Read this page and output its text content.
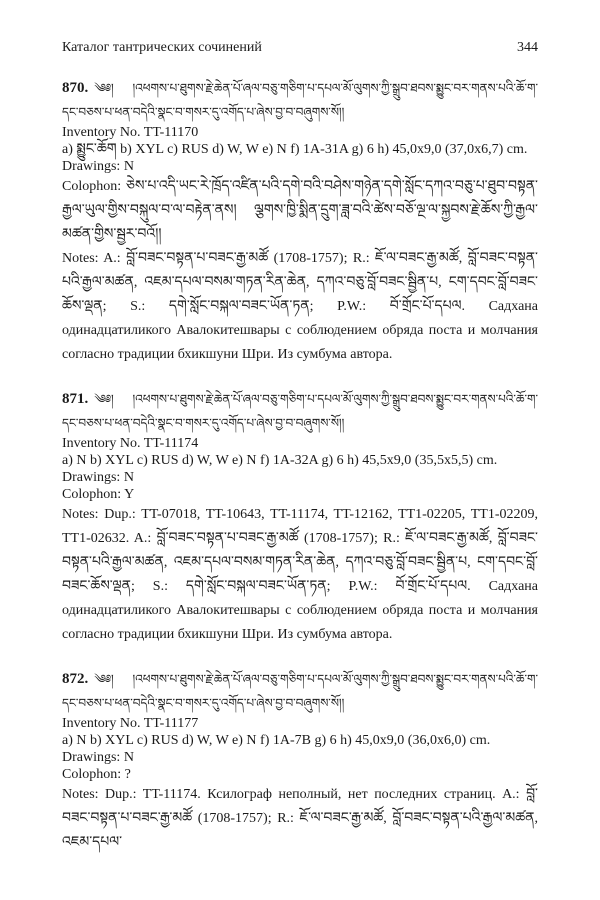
Каталог тантрических сочинений	344
870. ༄༅། །འཕགས་པ་ཐུགས་རྗེ་ཆེན་པོ་ཞལ་བཅུ་གཅིག་པ་དཔལ་མོ་ལུགས་ཀྱི་སྒྲུབ་ཐབས་སྨྱུང་བར་གནས་པའི་ཆོ་ག་དང་བཅས་པ་ཕན་བདེའི་སྣང་བ་གསར་དུ་འགོད་པ་ཞེས་བྱ་བ་བཞུགས་སོ།།

Inventory No. TT-11170

a) སྨྱུང་ཆོག b) XYL c) RUS d) W, W e) N f) 1A-31A g) 6 h) 45,0x9,0 (37,0x6,7) cm.

Drawings: N

Colophon: ཅེས་པ་འདི་ཡང་རེ་ཁྲོད་འཛིན་པའི་དགེ་བའི་བཤེས་གཉེན་དགེ་སློང་དཀའ་བཅུ་པ་ཐུབ་བསྟན་རྒྱལ་ཡུལ་གྱིས་བསྐུལ་བ་ལ་བརྟེན་ནས། ལྕགས་ཁྱི་སྨིན་དྲུག་ཟླ་བའི་ཚེས་བཅོ་ལྔ་ལ་སྐྱབས་རྗེ་ཆོས་ཀྱི་རྒྱལ་མཚན་གྱིས་སྦྱར་བའོ།།

Notes: A.: བློ་བཟང་བསྟན་པ་བཟང་རྒྱ་མཚོ (1708-1757); R.: ཇོ་ལ་བཟང་རྒྱ་མཚོ, བློ་བཟང་བསྟན་པའི་རྒྱལ་མཚན, འཇམ་དཔལ་བསམ་གཏན་རིན་ཆེན, དཀའ་བཅུ་བློ་བཟང་སྦྱིན་པ, ངག་དབང་བློ་བཟང་ཆོས་ལྡན; S.: དགེ་སློང་བསྐལ་བཟང་ཡོན་ཏན; P.W.: བོ་གྲོང་པོ་དཔལ. Садхана одинадцатиликого Авалокитешвары с соблюдением обряда поста и молчания согласно традиции бхикшуни Шри. Из сумбума автора.

871. ༄༅། །འཕགས་པ་ཐུགས་རྗེ་ཆེན་པོ་ཞལ་བཅུ་གཅིག་པ་དཔལ་མོ་ལུགས་ཀྱི་སྒྲུབ་ཐབས་སྨྱུང་བར་གནས་པའི་ཆོ་ག་དང་བཅས་པ་ཕན་བདེའི་སྣང་བ་གསར་དུ་འགོད་པ་ཞེས་བྱ་བ་བཞུགས་སོ།།

Inventory No. TT-11174

a) N b) XYL c) RUS d) W, W e) N f) 1A-32A g) 6 h) 45,5x9,0 (35,5x5,5) cm.

Drawings: N

Colophon: Y

Notes: Dup.: TT-07018, TT-10643, TT-11174, TT-12162, TT1-02205, TT1-02209, TT1-02632. A.: བློ་བཟང་བསྟན་པ་བཟང་རྒྱ་མཚོ (1708-1757); R.: ཇོ་ལ་བཟང་རྒྱ་མཚོ, བློ་བཟང་བསྟན་པའི་རྒྱལ་མཚན, འཇམ་དཔལ་བསམ་གཏན་རིན་ཆེན, དཀའ་བཅུ་བློ་བཟང་སྦྱིན་པ, ངག་དབང་བློ་བཟང་ཆོས་ལྡན; S.: དགེ་སློང་བསྐལ་བཟང་ཡོན་ཏན; P.W.: བོ་གྲོང་པོ་དཔལ. Садхана одинадцатиликого Авалокитешвары с соблюдением обряда поста и молчания согласно традиции бхикшуни Шри. Из сумбума автора.

872. ༄༅། །འཕགས་པ་ཐུགས་རྗེ་ཆེན་པོ་ཞལ་བཅུ་གཅིག་པ་དཔལ་མོ་ལུགས་ཀྱི་སྒྲུབ་ཐབས་སྨྱུང་བར་གནས་པའི་ཆོ་ག་དང་བཅས་པ་ཕན་བདེའི་སྣང་བ་གསར་དུ་འགོད་པ་ཞེས་བྱ་བ་བཞུགས་སོ།།

Inventory No. TT-11177

a) N b) XYL c) RUS d) W, W e) N f) 1A-7B g) 6 h) 45,0x9,0 (36,0x6,0) cm.

Drawings: N

Colophon: ?

Notes: Dup.: TT-11174. Ксилограф неполный, нет последних страниц. A.: བློ་བཟང་བསྟན་པ་བཟང་རྒྱ་མཚོ (1708-1757); R.: ཇོ་ལ་བཟང་རྒྱ་མཚོ, བློ་བཟང་བསྟན་པའི་རྒྱལ་མཚན, འཇམ་དཔལ་
